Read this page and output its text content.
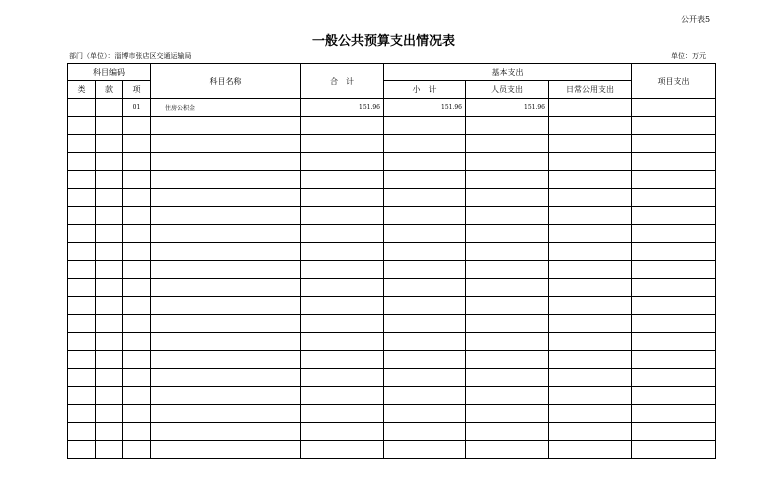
公开表5
一般公共预算支出情况表
部门（单位）：淄博市张店区交通运输局	单位：万元
科目编码			科目名称	合　计	基本支出			项目支出
类	款	项			小　计	人员支出	日常公用支出	
		01	住房公积金	151.96	151.96	151.96		
